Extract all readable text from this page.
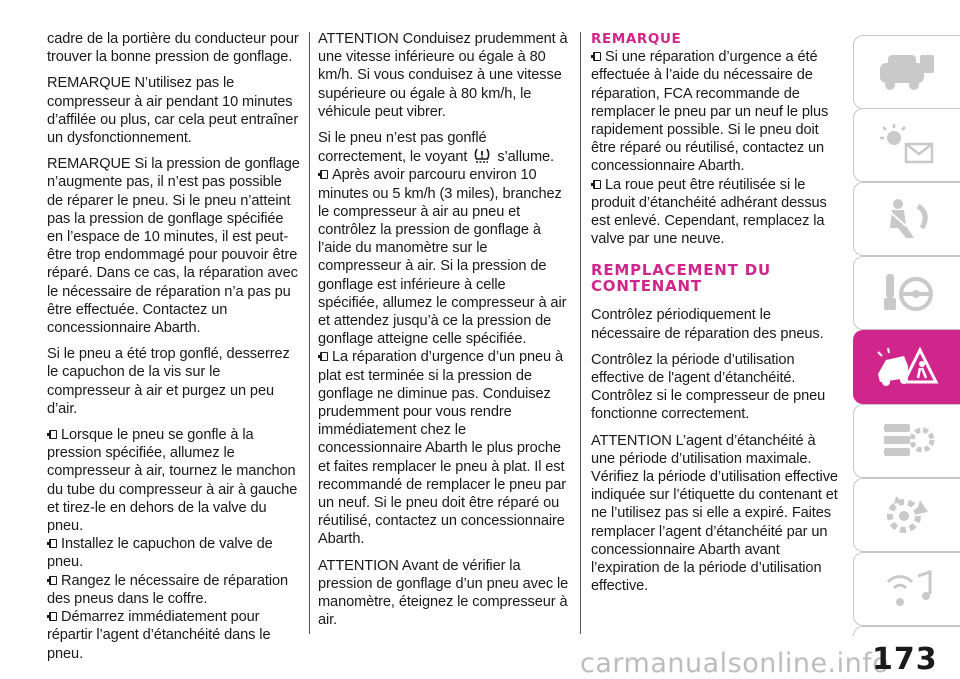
cadre de la portière du conducteur pour trouver la bonne pression de gonflage.

REMARQUE N’utilisez pas le compresseur à air pendant 10 minutes d’affilée ou plus, car cela peut entraîner un dysfonctionnement.

REMARQUE Si la pression de gonflage n’augmente pas, il n’est pas possible de réparer le pneu. Si le pneu n’atteint pas la pression de gonflage spécifiée en l’espace de 10 minutes, il est peut-être trop endommagé pour pouvoir être réparé. Dans ce cas, la réparation avec le nécessaire de réparation n’a pas pu être effectuée. Contactez un concessionnaire Abarth.

Si le pneu a été trop gonflé, desserrez le capuchon de la vis sur le compresseur à air et purgez un peu d’air.

Lorsque le pneu se gonfle à la pression spécifiée, allumez le compresseur à air, tournez le manchon du tube du compresseur à air à gauche et tirez-le en dehors de la valve du pneu.
Installez le capuchon de valve de pneu.
Rangez le nécessaire de réparation des pneus dans le coffre.
Démarrez immédiatement pour répartir l’agent d’étanchéité dans le pneu.

ATTENTION Conduisez prudemment à une vitesse inférieure ou égale à 80 km/h. Si vous conduisez à une vitesse supérieure ou égale à 80 km/h, le véhicule peut vibrer.

Si le pneu n’est pas gonflé correctement, le voyant s’allume.

Après avoir parcouru environ 10 minutes ou 5 km/h (3 miles), branchez le compresseur à air au pneu et contrôlez la pression de gonflage à l’aide du manomètre sur le compresseur à air. Si la pression de gonflage est inférieure à celle spécifiée, allumez le compresseur à air et attendez jusqu’à ce la pression de gonflage atteigne celle spécifiée.
La réparation d’urgence d’un pneu à plat est terminée si la pression de gonflage ne diminue pas. Conduisez prudemment pour vous rendre immédiatement chez le concessionnaire Abarth le plus proche et faites remplacer le pneu à plat. Il est recommandé de remplacer le pneu par un neuf. Si le pneu doit être réparé ou réutilisé, contactez un concessionnaire Abarth.

ATTENTION Avant de vérifier la pression de gonflage d’un pneu avec le manomètre, éteignez le compresseur à air.

REMARQUE
Si une réparation d’urgence a été effectuée à l’aide du nécessaire de réparation, FCA recommande de remplacer le pneu par un neuf le plus rapidement possible. Si le pneu doit être réparé ou réutilisé, contactez un concessionnaire Abarth.
La roue peut être réutilisée si le produit d’étanchéité adhérant dessus est enlevé. Cependant, remplacez la valve par une neuve.
REMPLACEMENT DU
CONTENANT

Contrôlez périodiquement le nécessaire de réparation des pneus.

Contrôlez la période d’utilisation effective de l'agent d’étanchéité. Contrôlez si le compresseur de pneu fonctionne correctement.

ATTENTION L’agent d’étanchéité à une période d’utilisation maximale. Vérifiez la période d’utilisation effective indiquée sur l’étiquette du contenant et ne l’utilisez pas si elle a expiré. Faites remplacer l’agent d’étanchéité par un concessionnaire Abarth avant l’expiration de la période d’utilisation effective.

carmanualsonline.info
173
